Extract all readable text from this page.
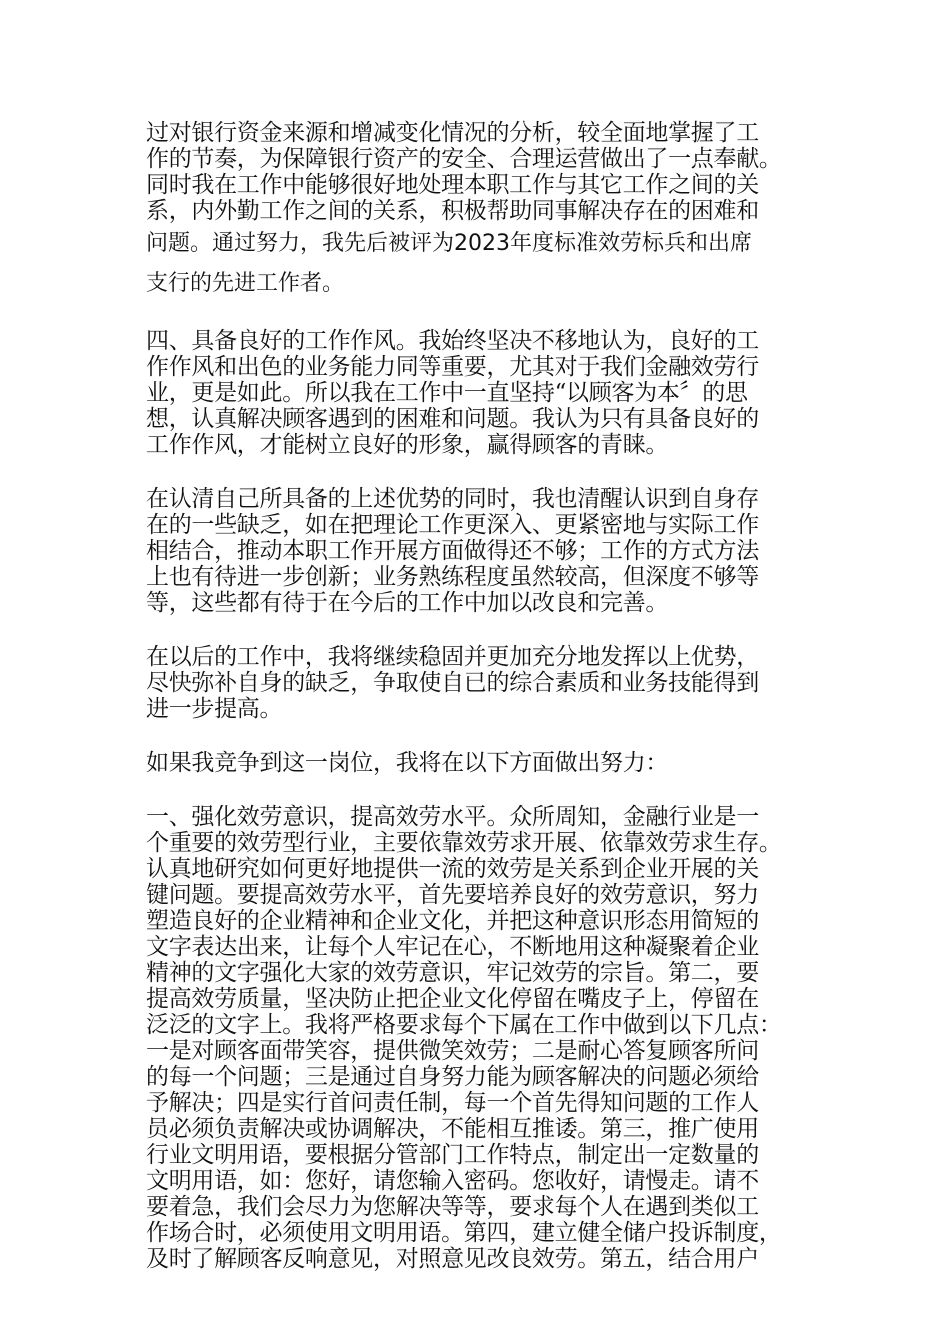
过对银行资金来源和增减变化情况的分析，较全面地掌握了工
作的节奏，为保障银行资产的安全、合理运营做出了一点奉献。
同时我在工作中能够很好地处理本职工作与其它工作之间的关
系，内外勤工作之间的关系，积极帮助同事解决存在的困难和
问题。通过努力，我先后被评为2023年度标准效劳标兵和出席
支行的先进工作者。
四、具备良好的工作作风。我始终坚决不移地认为，良好的工
作作风和出色的业务能力同等重要，尤其对于我们金融效劳行
业，更是如此。所以我在工作中一直坚持“以顾客为本〞的思
想，认真解决顾客遇到的困难和问题。我认为只有具备良好的
工作作风，才能树立良好的形象，赢得顾客的青睐。
在认清自己所具备的上述优势的同时，我也清醒认识到自身存
在的一些缺乏，如在把理论工作更深入、更紧密地与实际工作
相结合，推动本职工作开展方面做得还不够；工作的方式方法
上也有待进一步创新；业务熟练程度虽然较高，但深度不够等
等，这些都有待于在今后的工作中加以改良和完善。
在以后的工作中，我将继续稳固并更加充分地发挥以上优势，
尽快弥补自身的缺乏，争取使自已的综合素质和业务技能得到
进一步提高。
如果我竞争到这一岗位，我将在以下方面做出努力：
一、强化效劳意识，提高效劳水平。众所周知，金融行业是一
个重要的效劳型行业，主要依靠效劳求开展、依靠效劳求生存。
认真地研究如何更好地提供一流的效劳是关系到企业开展的关
键问题。要提高效劳水平，首先要培养良好的效劳意识，努力
塑造良好的企业精神和企业文化，并把这种意识形态用简短的
文字表达出来，让每个人牢记在心，不断地用这种凝聚着企业
精神的文字强化大家的效劳意识，牢记效劳的宗旨。第二，要
提高效劳质量，坚决防止把企业文化停留在嘴皮子上，停留在
泛泛的文字上。我将严格要求每个下属在工作中做到以下几点：
一是对顾客面带笑容，提供微笑效劳；二是耐心答复顾客所问
的每一个问题；三是通过自身努力能为顾客解决的问题必须给
予解决；四是实行首问责任制，每一个首先得知问题的工作人
员必须负责解决或协调解决，不能相互推诿。第三，推广使用
行业文明用语，要根据分管部门工作特点，制定出一定数量的
文明用语，如：您好，请您输入密码。您收好，请慢走。请不
要着急，我们会尽力为您解决等等，要求每个人在遇到类似工
作场合时，必须使用文明用语。第四，建立健全储户投诉制度，
及时了解顾客反响意见，对照意见改良效劳。第五，结合用户
